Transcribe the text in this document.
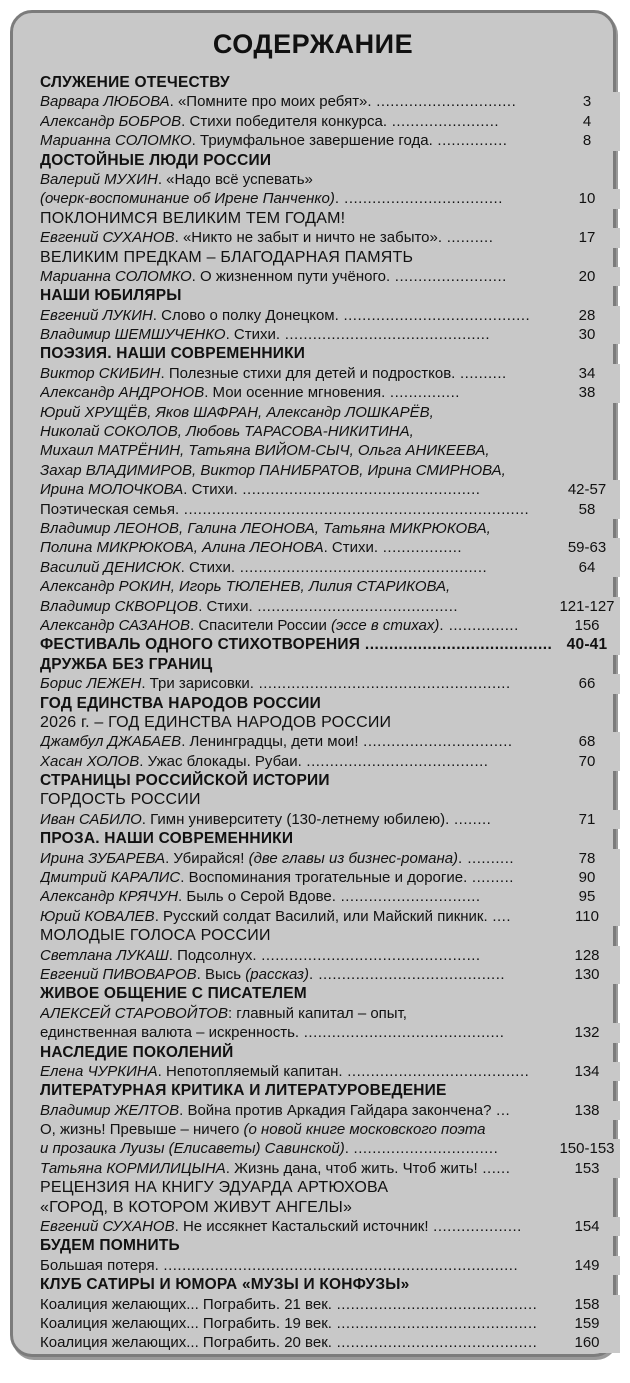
СОДЕРЖАНИЕ
СЛУЖЕНИЕ ОТЕЧЕСТВУ
Варвара ЛЮБОВА. «Помните про моих ребят». ..............................	3
Александр БОБРОВ. Стихи победителя конкурса. .......................	4
Марианна СОЛОМКО. Триумфальное завершение года. ...............	8
ДОСТОЙНЫЕ ЛЮДИ РОССИИ
Валерий МУХИН. «Надо всё успевать»
(очерк-воспоминание об Ирене Панченко). ..................................	10
ПОКЛОНИМСЯ ВЕЛИКИМ ТЕМ ГОДАМ!
Евгений СУХАНОВ. «Никто не забыт и ничто не забыто». ..........	17
ВЕЛИКИМ ПРЕДКАМ – БЛАГОДАРНАЯ ПАМЯТЬ
Марианна СОЛОМКО. О жизненном пути учёного. ........................	20
НАШИ ЮБИЛЯРЫ
Евгений ЛУКИН. Слово о полку Донецком. ........................................	28
Владимир ШЕМШУЧЕНКО. Стихи. ............................................	30
ПОЭЗИЯ. НАШИ СОВРЕМЕННИКИ
Виктор СКИБИН. Полезные стихи для детей и подростков. ..........	34
Александр АНДРОНОВ. Мои осенние мгновения. ...............	38
Юрий ХРУЩЁВ, Яков ШАФРАН, Александр ЛОШКАРЁВ,
Николай СОКОЛОВ, Любовь ТАРАСОВА-НИКИТИНА,
Михаил МАТРЁНИН, Татьяна ВИЙОМ-СЫЧ, Ольга АНИКЕЕВА,
Захар ВЛАДИМИРОВ, Виктор ПАНИБРАТОВ, Ирина СМИРНОВА,
Ирина МОЛОЧКОВА. Стихи. ...................................................	42-57
Поэтическая семья. ..........................................................................	58
Владимир ЛЕОНОВ, Галина ЛЕОНОВА, Татьяна МИКРЮКОВА,
Полина МИКРЮКОВА, Алина ЛЕОНОВА. Стихи. .................	59-63
Василий ДЕНИСЮК. Стихи. .....................................................	64
Александр РОКИН, Игорь ТЮЛЕНЕВ, Лилия СТАРИКОВА,
Владимир СКВОРЦОВ. Стихи. ...........................................	121-127
Александр САЗАНОВ. Спасители России (эссе в стихах). ...............	156
ФЕСТИВАЛЬ ОДНОГО СТИХОТВОРЕНИЯ ....................................... 40-41
ДРУЖБА БЕЗ ГРАНИЦ
Борис ЛЕЖЕН. Три зарисовки. ......................................................	66
ГОД ЕДИНСТВА НАРОДОВ РОССИИ
2026 г. – ГОД ЕДИНСТВА НАРОДОВ РОССИИ
Джамбул ДЖАБАЕВ. Ленинградцы, дети мои! ................................	68
Хасан ХОЛОВ. Ужас блокады. Рубаи. .......................................	70
СТРАНИЦЫ РОССИЙСКОЙ ИСТОРИИ
ГОРДОСТЬ РОССИИ
Иван САБИЛО. Гимн университету (130-летнему юбилею). ........	71
ПРОЗА. НАШИ СОВРЕМЕННИКИ
Ирина ЗУБАРЕВА. Убирайся! (две главы из бизнес-романа). ..........	78
Дмитрий КАРАЛИС. Воспоминания трогательные и дорогие. .........	90
Александр КРЯЧУН. Быль о Серой Вдове. ..............................	95
Юрий КОВАЛЕВ. Русский солдат Василий, или Майский пикник. ....	110
МОЛОДЫЕ ГОЛОСА РОССИИ
Светлана ЛУКАШ. Подсолнух. ...............................................	128
Евгений ПИВОВАРОВ. Высь (рассказ). ........................................	130
ЖИВОЕ ОБЩЕНИЕ С ПИСАТЕЛЕМ
АЛЕКСЕЙ СТАРОВОЙТОВ: главный капитал – опыт,
единственная валюта – искренность. ...........................................	132
НАСЛЕДИЕ ПОКОЛЕНИЙ
Елена ЧУРКИНА. Непотопляемый капитан. .......................................	134
ЛИТЕРАТУРНАЯ КРИТИКА И ЛИТЕРАТУРОВЕДЕНИЕ
Владимир ЖЕЛТОВ. Война против Аркадия Гайдара закончена? ...	138
О, жизнь! Превыше – ничего (о новой книге московского поэта
и прозаика Луизы (Елисаветы) Савинской). ...............................	150-153
Татьяна КОРМИЛИЦЫНА. Жизнь дана, чтоб жить. Чтоб жить! ......	153
РЕЦЕНЗИЯ НА КНИГУ ЭДУАРДА АРТЮХОВА
«ГОРОД, В КОТОРОМ ЖИВУТ АНГЕЛЫ»
Евгений СУХАНОВ. Не иссякнет Кастальский источник! ...................	154
БУДЕМ ПОМНИТЬ
Большая потеря. ............................................................................	149
КЛУБ САТИРЫ И ЮМОРА «МУЗЫ И КОНФУЗЫ»
Коалиция желающих... Пограбить. 21 век. ...........................................	158
Коалиция желающих... Пограбить. 19 век. ...........................................	159
Коалиция желающих... Пограбить. 20 век. ...........................................	160
